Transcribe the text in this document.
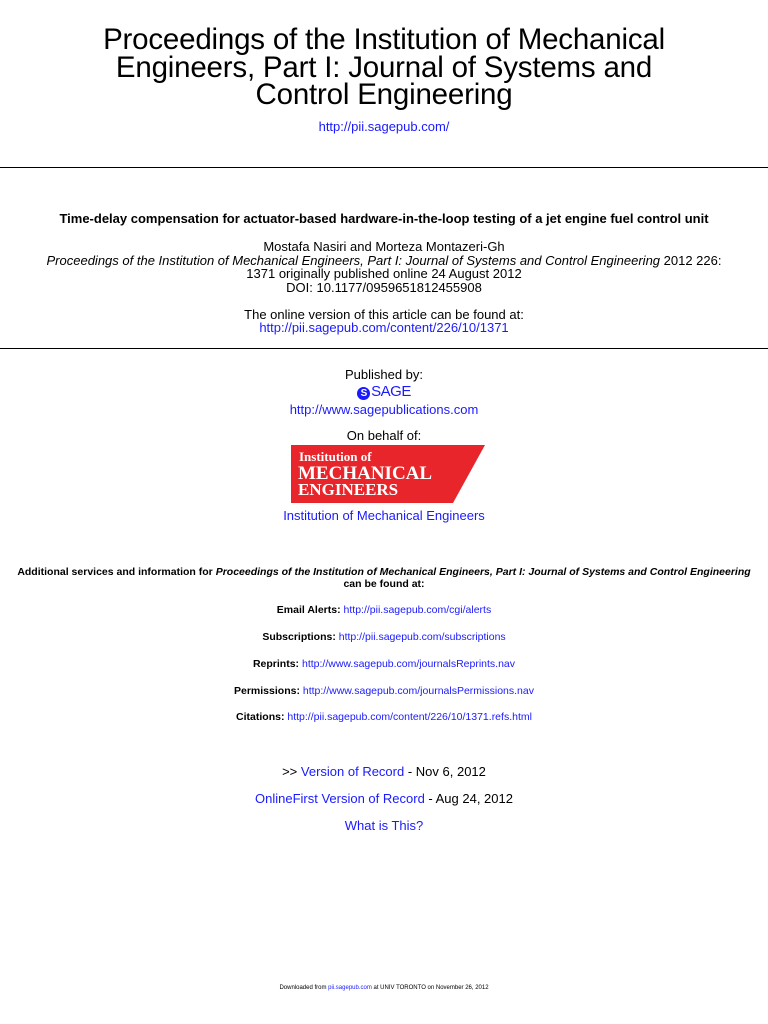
Proceedings of the Institution of Mechanical
Engineers, Part I: Journal of Systems and
Control Engineering
http://pii.sagepub.com/
Time-delay compensation for actuator-based hardware-in-the-loop testing of a jet engine fuel control unit
Mostafa Nasiri and Morteza Montazeri-Gh
Proceedings of the Institution of Mechanical Engineers, Part I: Journal of Systems and Control Engineering 2012 226:
1371 originally published online 24 August 2012
DOI: 10.1177/0959651812455908
The online version of this article can be found at:
http://pii.sagepub.com/content/226/10/1371
Published by:
S SAGE
http://www.sagepublications.com
On behalf of:
Institution of
MECHANICAL
ENGINEERS
Institution of Mechanical Engineers
Additional services and information for Proceedings of the Institution of Mechanical Engineers, Part I: Journal of Systems and Control Engineering can be found at:
Email Alerts: http://pii.sagepub.com/cgi/alerts
Subscriptions: http://pii.sagepub.com/subscriptions
Reprints: http://www.sagepub.com/journalsReprints.nav
Permissions: http://www.sagepub.com/journalsPermissions.nav
Citations: http://pii.sagepub.com/content/226/10/1371.refs.html
>> Version of Record - Nov 6, 2012
OnlineFirst Version of Record - Aug 24, 2012
What is This?
Downloaded from pii.sagepub.com at UNIV TORONTO on November 26, 2012
